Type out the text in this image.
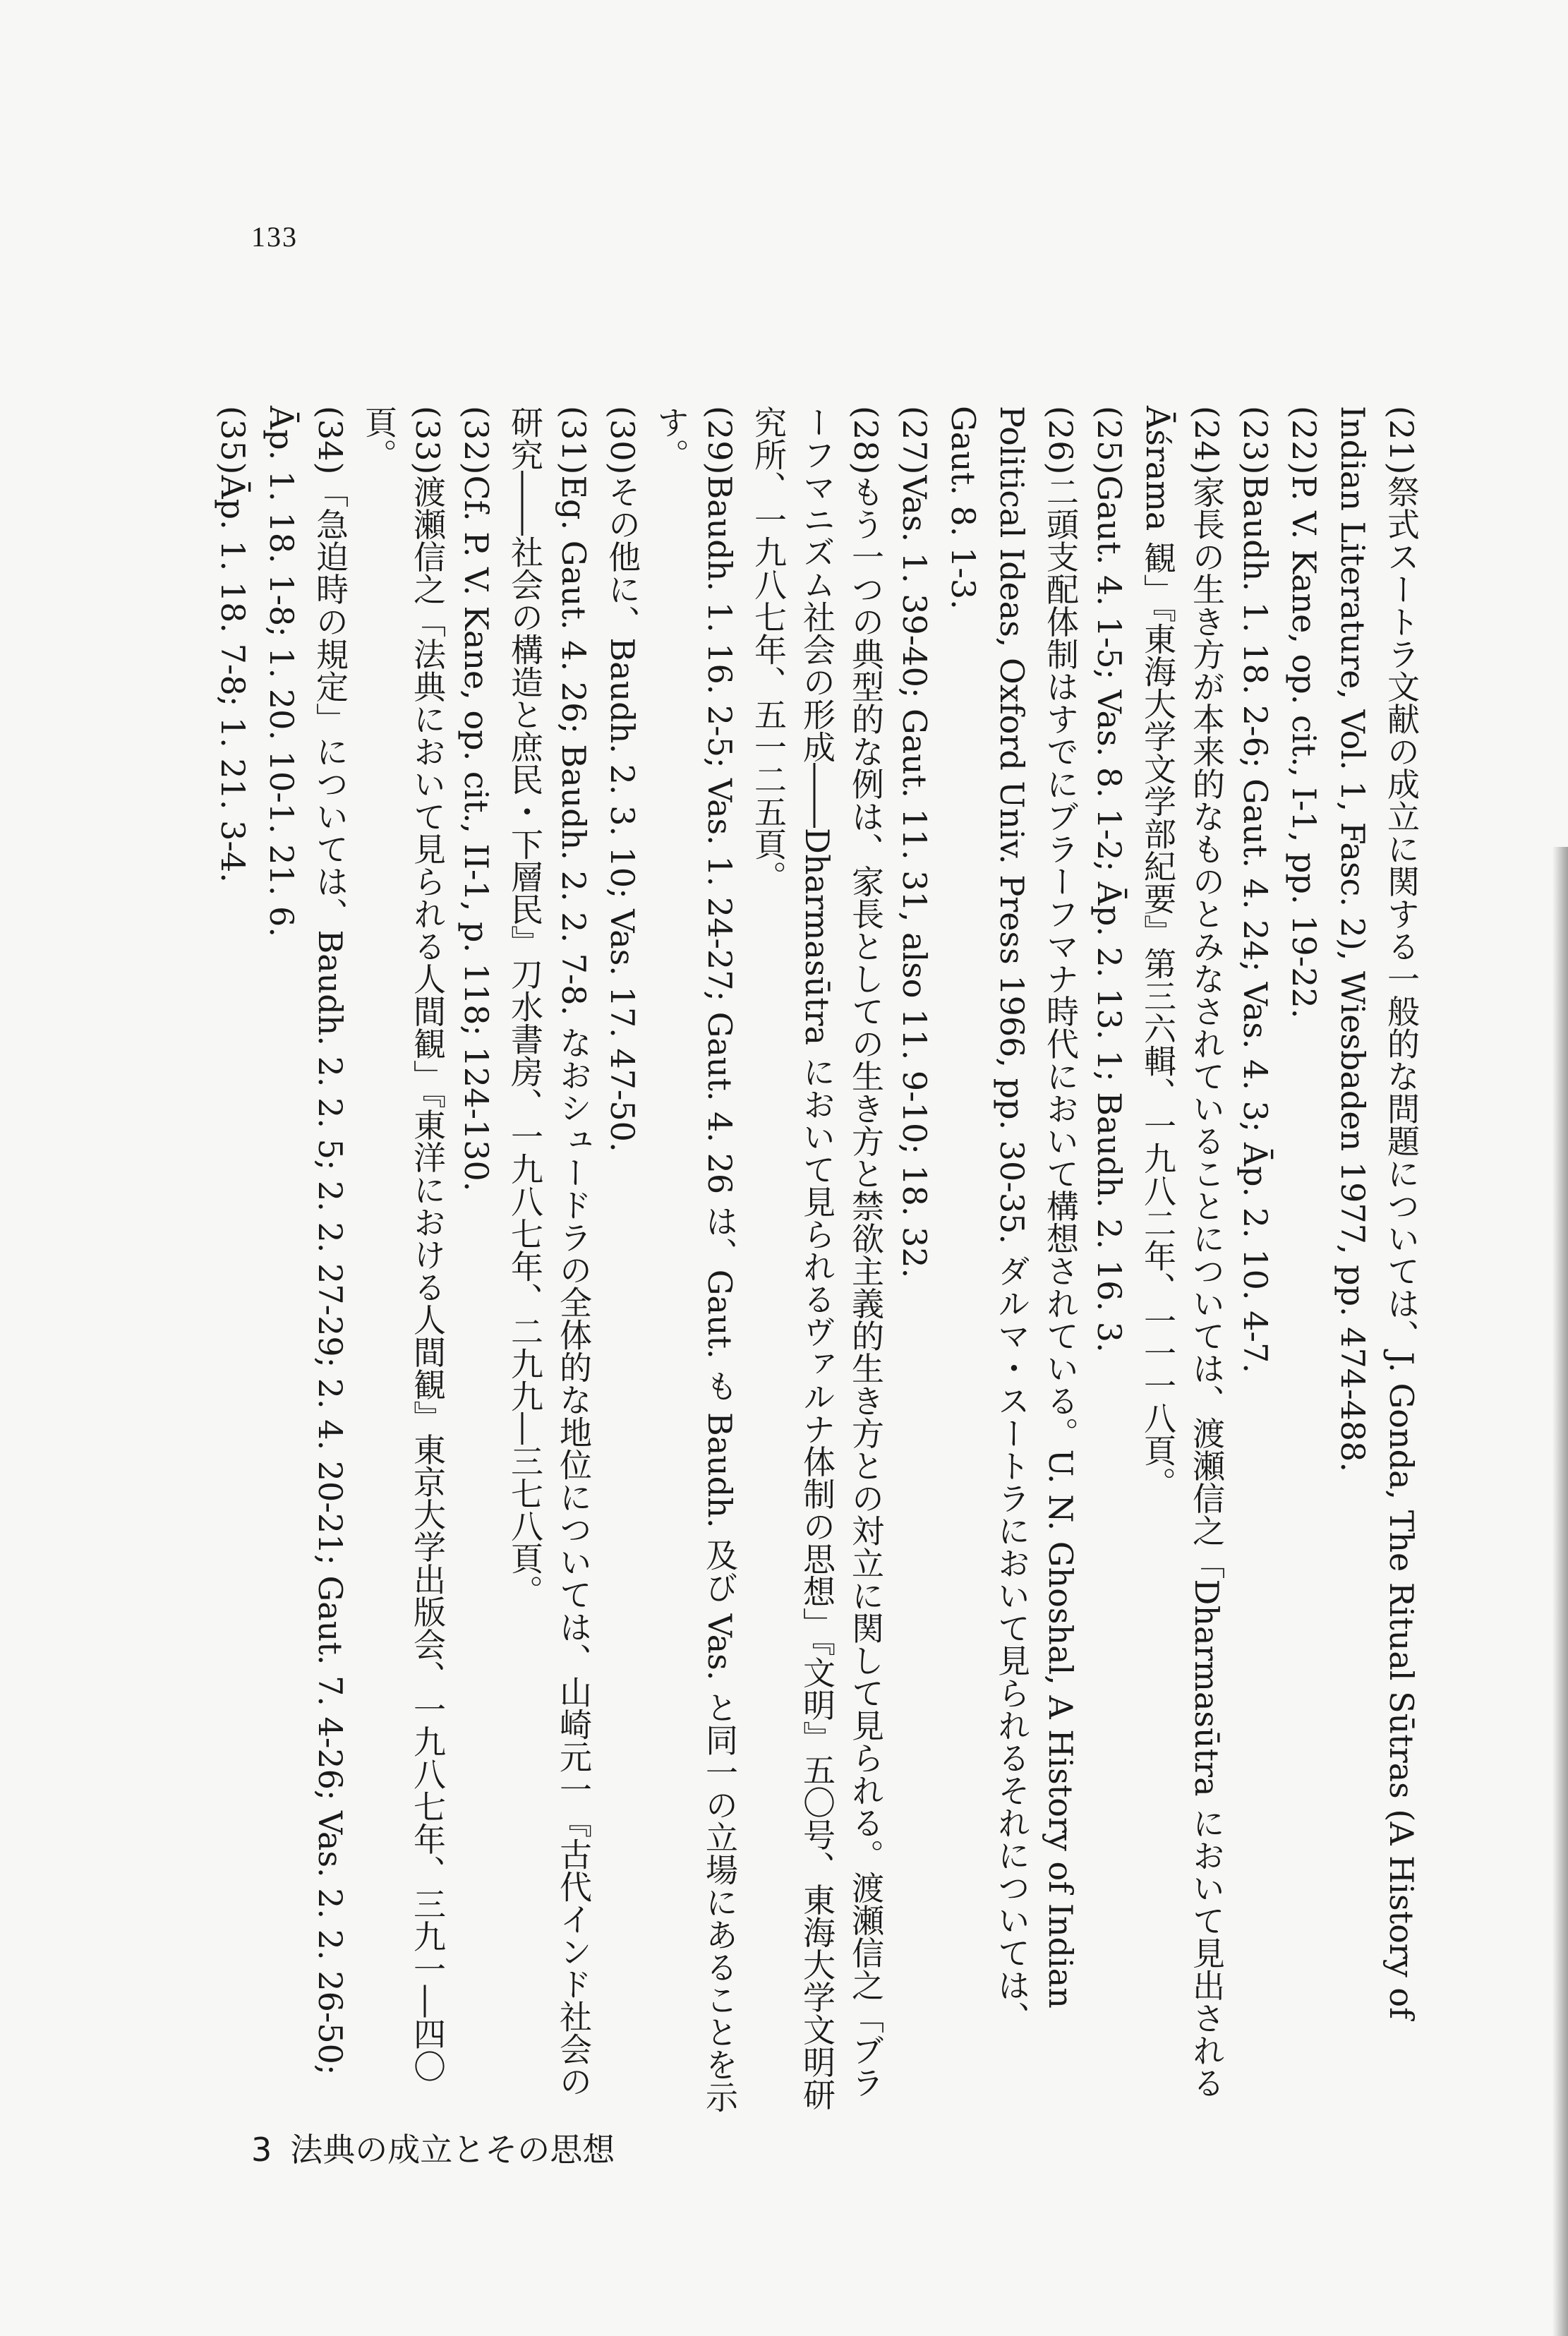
133
(21)祭式スートラ文献の成立に関する一般的な問題については、J. Gonda, The Ritual Sūtras (A History of Indian Literature, Vol. 1, Fasc. 2), Wiesbaden 1977, pp. 474-488.
(22)P. V. Kane, op. cit., I-1, pp. 19-22.
(23)Baudh. 1. 18. 2-6; Gaut. 4. 24; Vas. 4. 3; Āp. 2. 10. 4-7.
(24)家長の生き方が本来的なものとみなされていることについては、渡瀬信之「Dharmasūtra において見出される Āśrama 観」『東海大学文学部紀要』第三六輯、一九八二年、一一一八頁。
(25)Gaut. 4. 1-5; Vas. 8. 1-2; Āp. 2. 13. 1; Baudh. 2. 16. 3.
(26)二頭支配体制はすでにブラーフマナ時代において構想されている。U. N. Ghoshal, A History of Indian Political Ideas, Oxford Univ. Press 1966, pp. 30-35. ダルマ・スートラにおいて見られるそれについては、Gaut. 8. 1-3.
(27)Vas. 1. 39-40; Gaut. 11. 31, also 11. 9-10; 18. 32.
(28)もう一つの典型的な例は、家長としての生き方と禁欲主義的生き方との対立に関して見られる。渡瀬信之「ブラーフマニズム社会の形成――Dharmasūtra において見られるヴァルナ体制の思想」『文明』五〇号、東海大学文明研究所、一九八七年、五一二五頁。
(29)Baudh. 1. 16. 2-5; Vas. 1. 24-27; Gaut. 4. 26 は、Gaut. も Baudh. 及び Vas. と同一の立場にあることを示す。
(30)その他に、Baudh. 2. 3. 10; Vas. 17. 47-50.
(31)Eg. Gaut. 4. 26; Baudh. 2. 2. 7-8. なおシュードラの全体的な地位については、山崎元一『古代インド社会の研究――社会の構造と庶民・下層民』刀水書房、一九八七年、二九九―三七八頁。
(32)Cf. P. V. Kane, op. cit., II-1, p. 118; 124-130.
(33)渡瀬信之「法典において見られる人間観」『東洋における人間観』東京大学出版会、一九八七年、三九一―四〇頁。
(34)「急迫時の規定」については、Baudh. 2. 2. 5; 2. 2. 27-29; 2. 4. 20-21; Gaut. 7. 4-26; Vas. 2. 2. 26-50; Āp. 1. 18. 1-8; 1. 20. 10-1. 21. 6.
(35)Āp. 1. 18. 7-8; 1. 21. 3-4.
3 法典の成立とその思想
